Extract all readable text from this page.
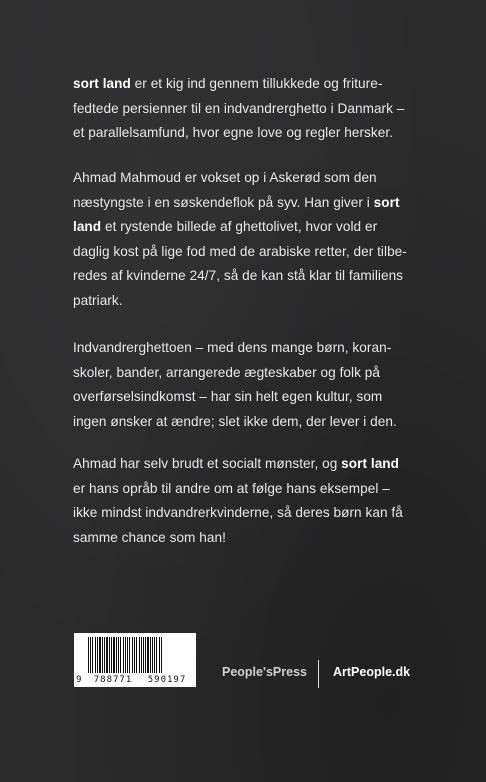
sort land er et kig ind gennem tillukkede og friture-
fedtede persienner til en indvandrerghetto i Danmark –
et parallelsamfund, hvor egne love og regler hersker.
Ahmad Mahmoud er vokset op i Askerød som den
næstyngste i en søskendeflok på syv. Han giver i sort
land et rystende billede af ghettolivet, hvor vold er
daglig kost på lige fod med de arabiske retter, der tilbe-
redes af kvinderne 24/7, så de kan stå klar til familiens
patriark.
Indvandrerghettoen – med dens mange børn, koran-
skoler, bander, arrangerede ægteskaber og folk på
overførselsindkomst – har sin helt egen kultur, som
ingen ønsker at ændre; slet ikke dem, der lever i den.
Ahmad har selv brudt et socialt mønster, og sort land
er hans opråb til andre om at følge hans eksempel –
ikke mindst indvandrerkvinderne, så deres børn kan få
samme chance som han!
9	788771	590197
People'sPress ArtPeople.dk
